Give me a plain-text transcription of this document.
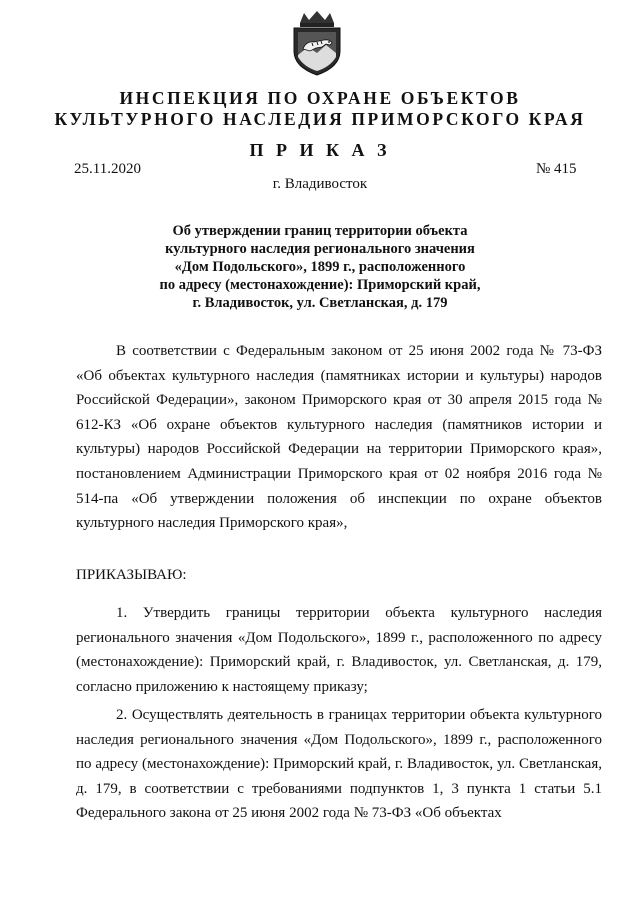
ИНСПЕКЦИЯ ПО ОХРАНЕ ОБЪЕКТОВ
КУЛЬТУРНОГО НАСЛЕДИЯ ПРИМОРСКОГО КРАЯ
П Р И К А З
25.11.2020	№ 415
г. Владивосток
Об утверждении границ территории объекта
культурного наследия регионального значения
«Дом Подольского», 1899 г., расположенного
по адресу (местонахождение): Приморский край,
г. Владивосток, ул. Светланская, д. 179

В соответствии с Федеральным законом от 25 июня 2002 года № 73-ФЗ «Об объектах культурного наследия (памятниках истории и культуры) народов Российской Федерации», законом Приморского края от 30 апреля 2015 года № 612-КЗ «Об охране объектов культурного наследия (памятников истории и культуры) народов Российской Федерации на территории Приморского края», постановлением Администрации Приморского края от 02 ноября 2016 года № 514-па «Об утверждении положения об инспекции по охране объектов культурного наследия Приморского края»,

ПРИКАЗЫВАЮ:

1. Утвердить границы территории объекта культурного наследия регионального значения «Дом Подольского», 1899 г., расположенного по адресу (местонахождение): Приморский край, г. Владивосток, ул. Светланская, д. 179, согласно приложению к настоящему приказу;

2. Осуществлять деятельность в границах территории объекта культурного наследия регионального значения «Дом Подольского», 1899 г., расположенного по адресу (местонахождение): Приморский край, г. Владивосток, ул. Светланская, д. 179, в соответствии с требованиями подпунктов 1, 3 пункта 1 статьи 5.1 Федерального закона от 25 июня 2002 года № 73-ФЗ «Об объектах
